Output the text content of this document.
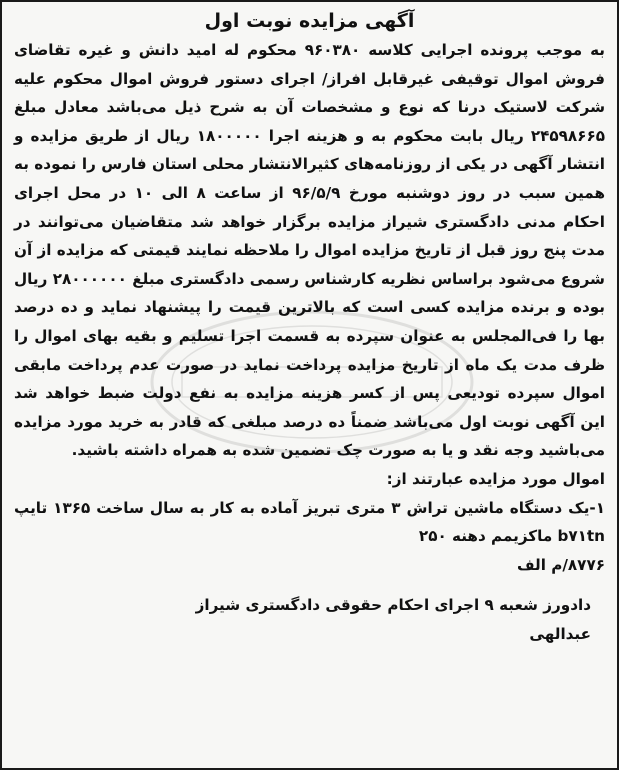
آگهی مزایده نوبت اول

به موجب پرونده اجرایی کلاسه ۹۶۰۳۸۰ محکوم له امید دانش و غیره تقاضای فروش اموال توقیفی غیرقابل افراز/ اجرای دستور فروش اموال محکوم علیه شرکت لاستیک درنا که نوع و مشخصات آن به شرح ذیل می‌باشد معادل مبلغ ۲۴۵۹۸۶۶۵ ریال بابت محکوم به و هزینه اجرا ۱۸۰۰۰۰۰ ریال از طریق مزایده و انتشار آگهی در یکی از روزنامه‌های کثیرالانتشار محلی استان فارس را نموده به همین سبب در روز دوشنبه مورخ ۹۶/۵/۹ از ساعت ۸ الی ۱۰ در محل اجرای احکام مدنی دادگستری شیراز مزایده برگزار خواهد شد متقاضیان می‌توانند در مدت پنج روز قبل از تاریخ مزایده اموال را ملاحظه نمایند قیمتی که مزایده از آن شروع می‌شود براساس نظریه کارشناس رسمی دادگستری مبلغ ۲۸۰۰۰۰۰۰ ریال بوده و برنده مزایده کسی است که بالاترین قیمت را پیشنهاد نماید و ده درصد بها را فی‌المجلس به عنوان سپرده به قسمت اجرا تسلیم و بقیه بهای اموال را ظرف مدت یک ماه از تاریخ مزایده پرداخت نماید در صورت عدم پرداخت مابقی اموال سپرده تودیعی پس از کسر هزینه مزایده به نفع دولت ضبط خواهد شد این آگهی نوبت اول می‌باشد ضمناً ده درصد مبلغی که قادر به خرید مورد مزایده می‌باشید وجه نقد و یا به صورت چک تضمین شده به همراه داشته باشید.

اموال مورد مزایده عبارتند از:

۱-یک دستگاه ماشین تراش ۳ متری تبریز آماده به کار به سال ساخت ۱۳۶۵ تایپ b۷۱tn ماکزیمم دهنه ۲۵۰

۸۷۷۶/م الف

دادورز شعبه ۹ اجرای احکام حقوقی دادگستری شیراز

عبدالهی
